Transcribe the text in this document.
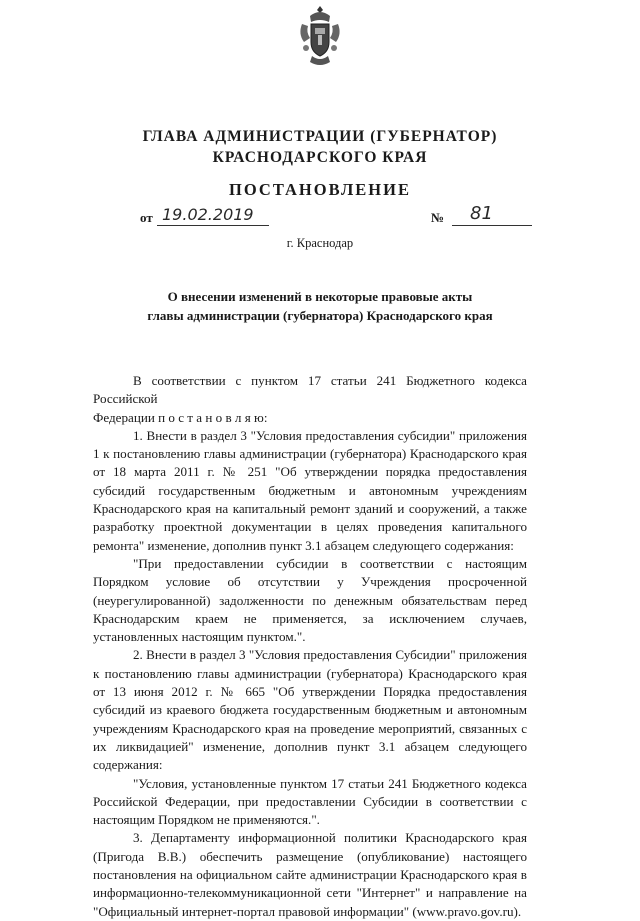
ГЛАВА АДМИНИСТРАЦИИ (ГУБЕРНАТОР)
КРАСНОДАРСКОГО КРАЯ
ПОСТАНОВЛЕНИЕ
от 19.02.2019	№ 81
г. Краснодар
О внесении изменений в некоторые правовые акты
главы администрации (губернатора) Краснодарского края

В соответствии с пунктом 17 статьи 241 Бюджетного кодекса Российской

Федерации п о с т а н о в л я ю:

1. Внести в раздел 3 "Условия предоставления субсидии" приложения 1 к постановлению главы администрации (губернатора) Краснодарского края от 18 марта 2011 г. № 251 "Об утверждении порядка предоставления субсидий государственным бюджетным и автономным учреждениям Краснодарского края на капитальный ремонт зданий и сооружений, а также разработку проектной документации в целях проведения капитального ремонта" изменение, дополнив пункт 3.1 абзацем следующего содержания:

"При предоставлении субсидии в соответствии с настоящим Порядком условие об отсутствии у Учреждения просроченной (неурегулированной) задолженности по денежным обязательствам перед Краснодарским краем не применяется, за исключением случаев, установленных настоящим пунктом.".

2. Внести в раздел 3 "Условия предоставления Субсидии" приложения к постановлению главы администрации (губернатора) Краснодарского края от 13 июня 2012 г. № 665 "Об утверждении Порядка предоставления субсидий из краевого бюджета государственным бюджетным и автономным учреждениям Краснодарского края на проведение мероприятий, связанных с их ликвидацией" изменение, дополнив пункт 3.1 абзацем следующего содержания:

"Условия, установленные пунктом 17 статьи 241 Бюджетного кодекса Российской Федерации, при предоставлении Субсидии в соответствии с настоящим Порядком не применяются.".

3. Департаменту информационной политики Краснодарского края (Пригода В.В.) обеспечить размещение (опубликование) настоящего постановления на официальном сайте администрации Краснодарского края в информационно-телекоммуникационной сети "Интернет" и направление на "Официальный интернет-портал правовой информации" (www.pravo.gov.ru).
